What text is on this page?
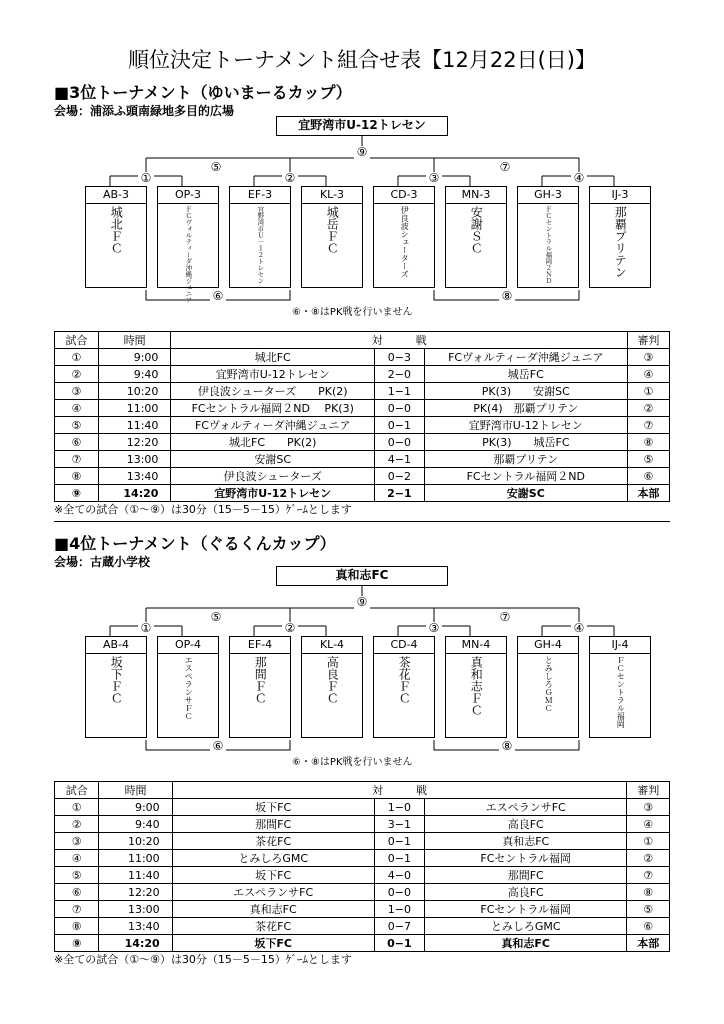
順位決定トーナメント組合せ表【12月22日(日)】
■3位トーナメント（ゆいまーるカップ）
会場：浦添ふ頭南緑地多目的広場
宜野湾市U-12トレセン
⑨
⑤	⑦
①	②	③	④
⑥	⑧
AB-3
城北ＦＣ
OP-3
ＦＣヴォルティーダ沖縄ジュニア
EF-3
宜野湾市Ｕ－１２トレセン
KL-3
城岳ＦＣ
CD-3
伊良波シューターズ
MN-3
安謝ＳＣ
GH-3
ＦＣセントラル福岡２ＮＤ
IJ-3
那覇プリテン
⑥・⑧はPK戦を行いません
試合	時間	対　　　戦			審判
①	9:00	城北FC	0−3	FCヴォルティーダ沖縄ジュニア	③
②	9:40	宜野湾市U-12トレセン	2−0	城岳FC	④
③	10:20	伊良波シューターズ　　PK(2)	1−1	PK(3)　　安謝SC	①
④	11:00	FCセントラル福岡２ND　 PK(3)	0−0	PK(4)　那覇プリテン	②
⑤	11:40	FCヴォルティーダ沖縄ジュニア	0−1	宜野湾市U-12トレセン	⑦
⑥	12:20	城北FC　　PK(2)	0−0	PK(3)　　城岳FC	⑧
⑦	13:00	安謝SC	4−1	那覇プリテン	⑤
⑧	13:40	伊良波シューターズ	0−2	FCセントラル福岡２ND	⑥
⑨	14:20	宜野湾市U-12トレセン	2−1	安謝SC	本部
※全ての試合（①～⑨）は30分（15－5－15）ｹﾞｰﾑとします
■4位トーナメント（ぐるくんカップ）
会場：古蔵小学校
真和志FC
⑨
⑤	⑦
①	②	③	④
⑥	⑧
AB-4
坂下ＦＣ
OP-4
エスペランサＦＣ
EF-4
那間ＦＣ
KL-4
高良ＦＣ
CD-4
茶花ＦＣ
MN-4
真和志ＦＣ
GH-4
とみしろＧＭＣ
IJ-4
ＦＣセントラル福岡
⑥・⑧はPK戦を行いません
試合	時間	対　　　戦			審判
①	9:00	坂下FC	1−0	エスペランサFC	③
②	9:40	那間FC	3−1	高良FC	④
③	10:20	茶花FC	0−1	真和志FC	①
④	11:00	とみしろGMC	0−1	FCセントラル福岡	②
⑤	11:40	坂下FC	4−0	那間FC	⑦
⑥	12:20	エスペランサFC	0−0	高良FC	⑧
⑦	13:00	真和志FC	1−0	FCセントラル福岡	⑤
⑧	13:40	茶花FC	0−7	とみしろGMC	⑥
⑨	14:20	坂下FC	0−1	真和志FC	本部
※全ての試合（①～⑨）は30分（15－5－15）ｹﾞｰﾑとします
